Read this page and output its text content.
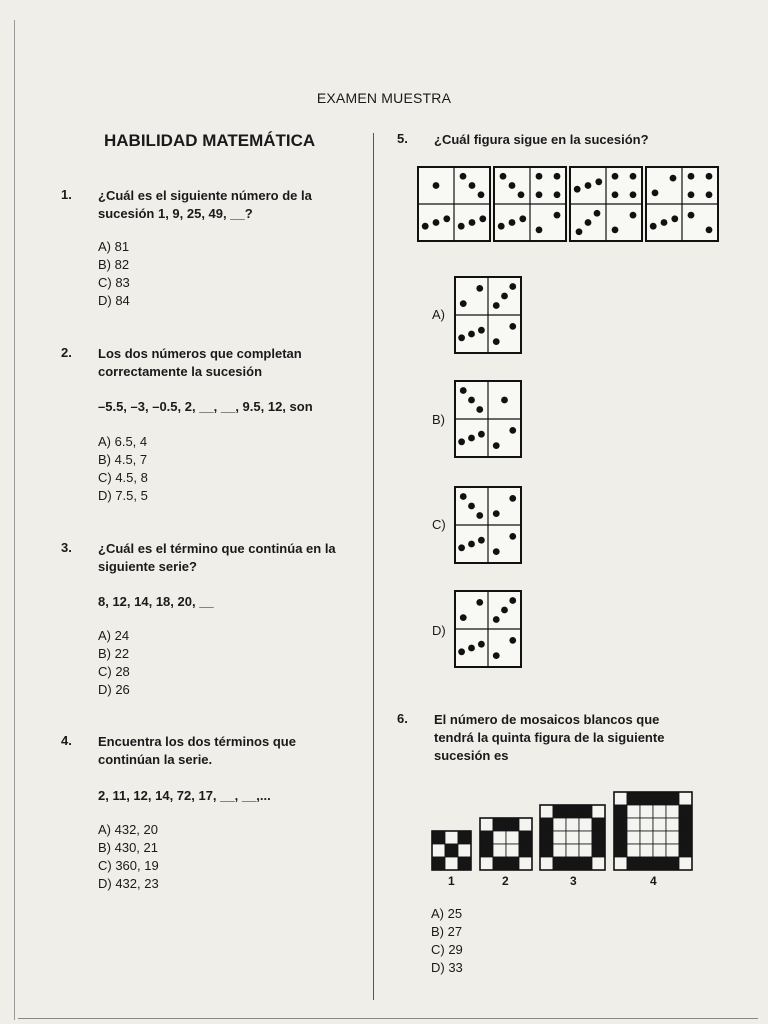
EXAMEN MUESTRA
HABILIDAD MATEMÁTICA
1. ¿Cuál es el siguiente número de la sucesión 1, 9, 25, 49, __?
A) 81
B) 82
C) 83
D) 84
2. Los dos números que completan correctamente la sucesión
–5.5, –3, –0.5, 2, __, __, 9.5, 12, son
A) 6.5, 4
B) 4.5, 7
C) 4.5, 8
D) 7.5, 5
3. ¿Cuál es el término que continúa en la siguiente serie?
8, 12, 14, 18, 20, __
A) 24
B) 22
C) 28
D) 26
4. Encuentra los dos términos que continúan la serie.
2, 11, 12, 14, 72, 17, __, __,...
A) 432, 20
B) 430, 21
C) 360, 19
D) 432, 23
5. ¿Cuál figura sigue en la sucesión?
A)
B)
C)
D)
6. El número de mosaicos blancos que tendrá la quinta figura de la siguiente sucesión es
1	2	3	4
A) 25
B) 27
C) 29
D) 33
